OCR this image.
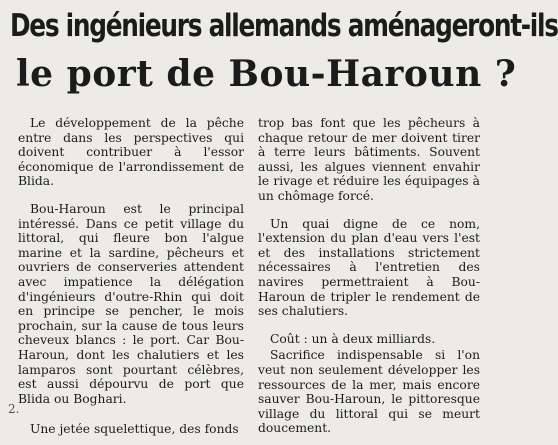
Des ingénieurs allemands aménageront-ils
le port de Bou-Haroun ?

Le développement de la pêche entre dans les perspectives qui doivent contribuer à l'essor économique de l'arrondissement de Blida.

Bou-Haroun est le principal intéressé. Dans ce petit village du littoral, qui fleure bon l'algue marine et la sardine, pêcheurs et ouvriers de conserveries attendent avec impatience la délégation d'ingénieurs d'outre-Rhin qui doit en principe se pencher, le mois prochain, sur la cause de tous leurs cheveux blancs : le port. Car Bou-Haroun, dont les chalutiers et les lamparos sont pourtant célèbres, est aussi dépourvu de port que Blida ou Boghari.

Une jetée squelettique, des fonds

trop bas font que les pêcheurs à chaque retour de mer doivent tirer à terre leurs bâtiments. Souvent aussi, les algues viennent envahir le rivage et réduire les équipages à un chômage forcé.

Un quai digne de ce nom, l'extension du plan d'eau vers l'est et des installations strictement nécessaires à l'entretien des navires permettraient à Bou-Haroun de tripler le rendement de ses chalutiers.

Coût : un à deux milliards.

Sacrifice indispensable si l'on veut non seulement développer les ressources de la mer, mais encore sauver Bou-Haroun, le pittoresque village du littoral qui se meurt doucement.

2.
